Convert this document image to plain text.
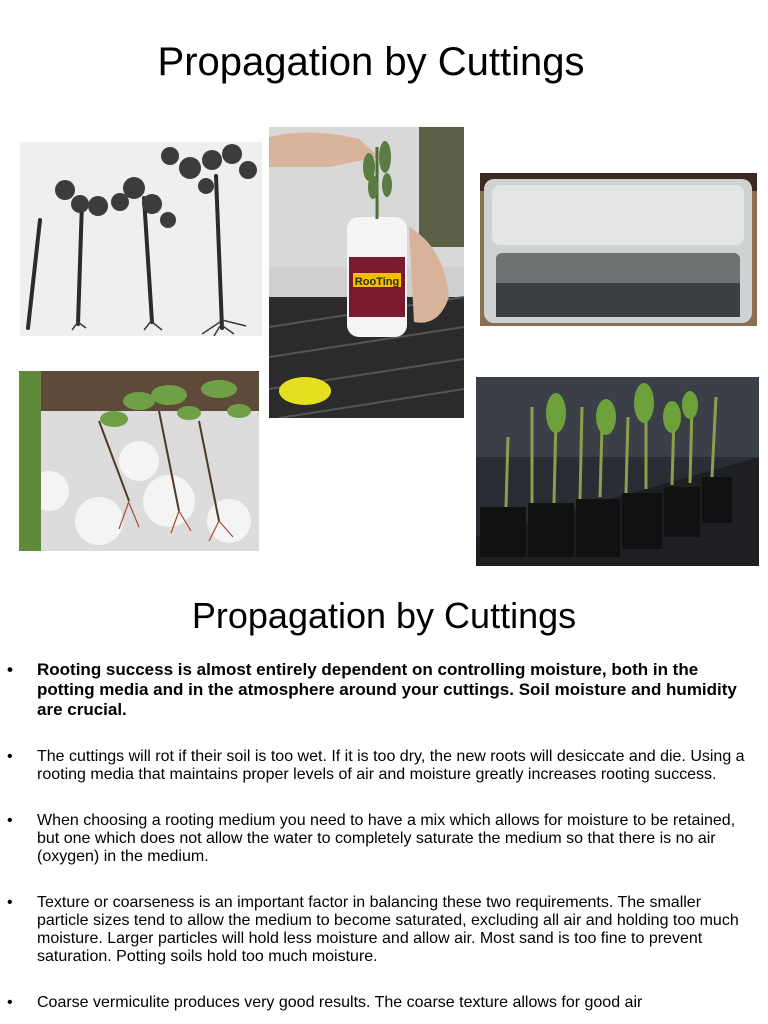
Propagation by Cuttings
RooTing
Propagation by Cuttings
• Rooting success is almost entirely dependent on controlling moisture, both in the potting media and in the atmosphere around your cuttings. Soil moisture and humidity are crucial.
• The cuttings will rot if their soil is too wet. If it is too dry, the new roots will desiccate and die. Using a rooting media that maintains proper levels of air and moisture greatly increases rooting success.
• When choosing a rooting medium you need to have a mix which allows for moisture to be retained, but one which does not allow the water to completely saturate the medium so that there is no air (oxygen) in the medium.
• Texture or coarseness is an important factor in balancing these two requirements. The smaller particle sizes tend to allow the medium to become saturated, excluding all air and holding too much moisture. Larger particles will hold less moisture and allow air. Most sand is too fine to prevent saturation. Potting soils hold too much moisture.
• Coarse vermiculite produces very good results. The coarse texture allows for good air
